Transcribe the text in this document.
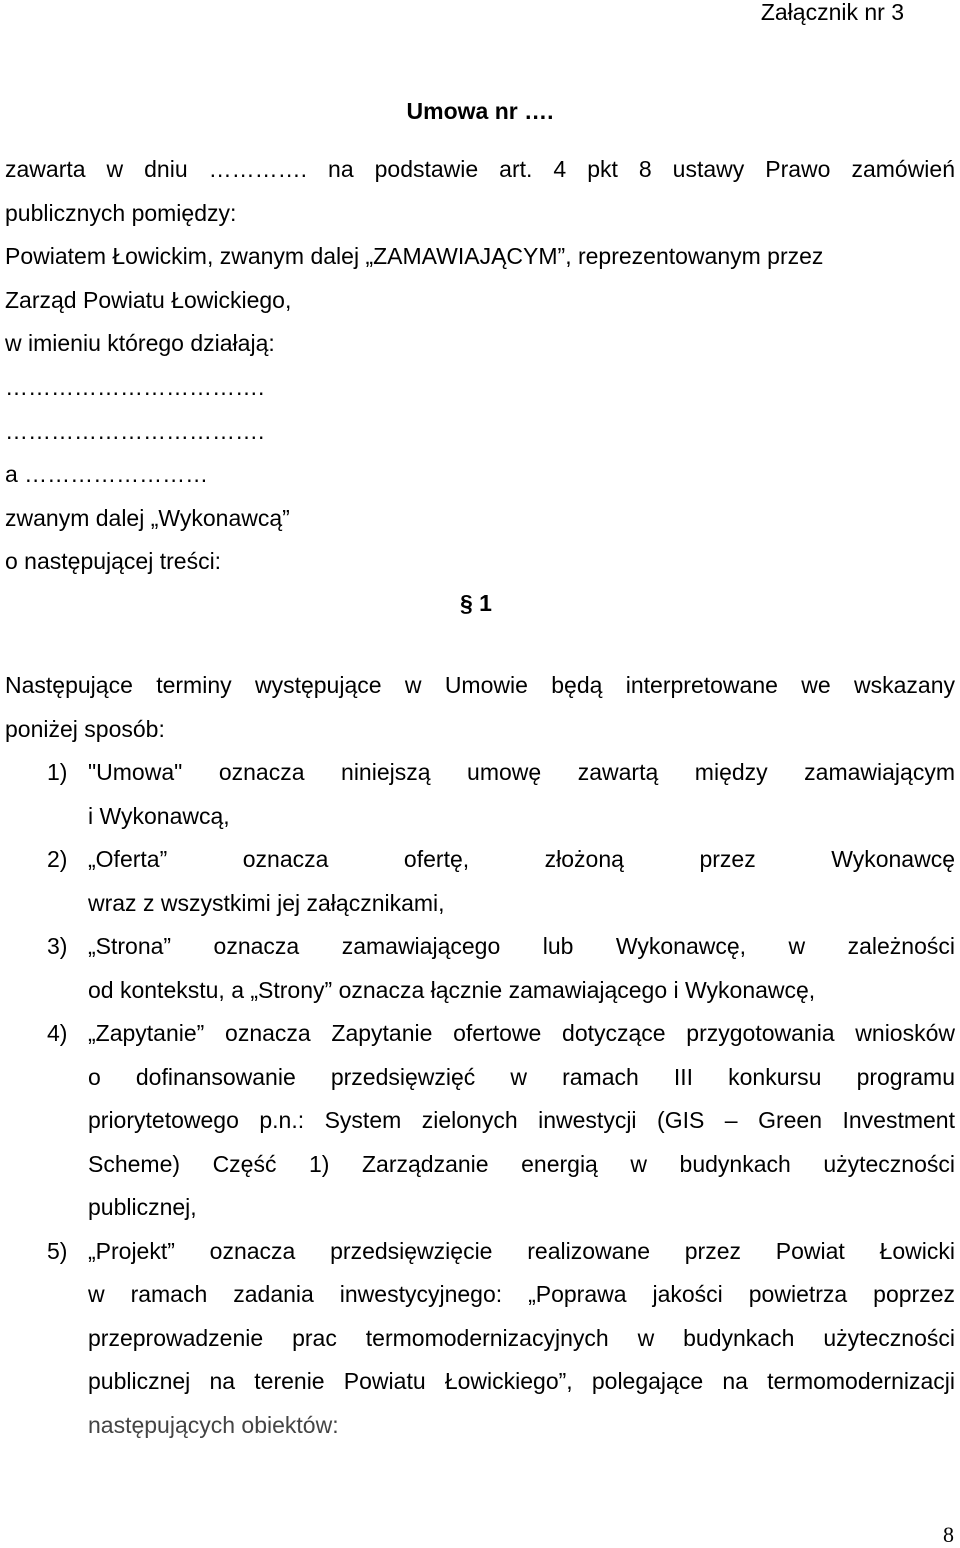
Załącznik nr 3
Umowa nr ….
zawarta w dniu …………. na podstawie art. 4 pkt 8 ustawy Prawo zamówień
publicznych pomiędzy:
Powiatem Łowickim, zwanym dalej „ZAMAWIAJĄCYM”, reprezentowanym przez
Zarząd Powiatu Łowickiego,
w imieniu którego działają:
…………………………….
…………………………….
a ……………………
zwanym dalej „Wykonawcą”
o następującej treści:
§ 1
Następujące terminy występujące w Umowie będą interpretowane we wskazany
poniżej sposób:
1) "Umowa" oznacza niniejszą umowę zawartą między zamawiającym
i Wykonawcą,
2) „Oferta” oznacza ofertę, złożoną przez Wykonawcę
wraz z wszystkimi jej załącznikami,
3) „Strona” oznacza zamawiającego lub Wykonawcę, w zależności
od kontekstu, a „Strony” oznacza łącznie zamawiającego i Wykonawcę,
4) „Zapytanie” oznacza Zapytanie ofertowe dotyczące przygotowania wniosków
o dofinansowanie przedsięwzięć w ramach III konkursu programu
priorytetowego p.n.: System zielonych inwestycji (GIS – Green Investment
Scheme) Część 1) Zarządzanie energią w budynkach użyteczności
publicznej,
5) „Projekt” oznacza przedsięwzięcie realizowane przez Powiat Łowicki
w ramach zadania inwestycyjnego: „Poprawa jakości powietrza poprzez
przeprowadzenie prac termomodernizacyjnych w budynkach użyteczności
publicznej na terenie Powiatu Łowickiego”, polegające na termomodernizacji
następujących obiektów:
8
